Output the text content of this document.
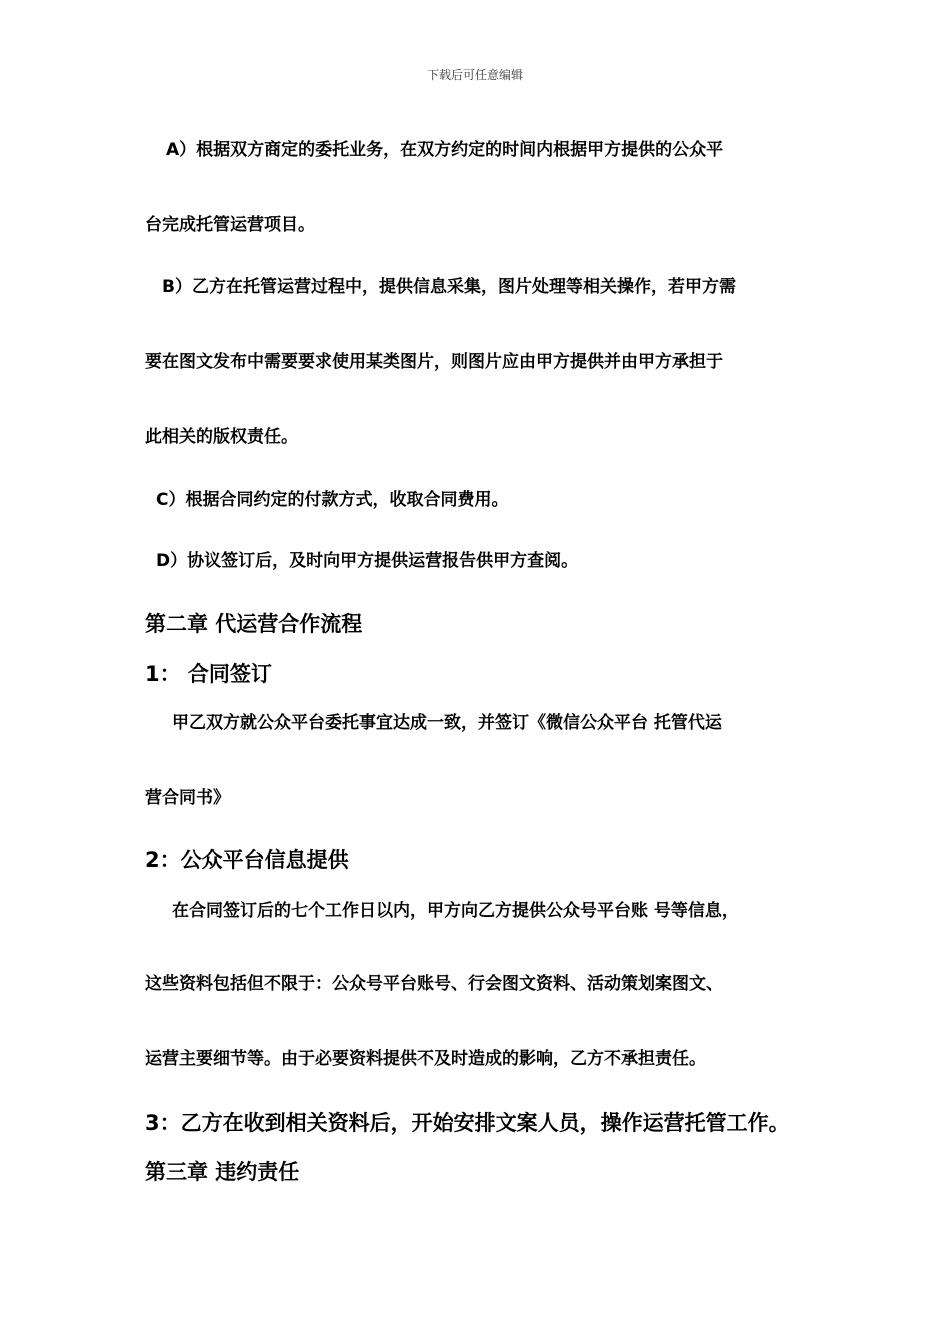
下载后可任意编辑
A）根据双方商定的委托业务，在双方约定的时间内根据甲方提供的公众平
台完成托管运营项目。
B）乙方在托管运营过程中，提供信息采集，图片处理等相关操作，若甲方需
要在图文发布中需要要求使用某类图片，则图片应由甲方提供并由甲方承担于
此相关的版权责任。
C）根据合同约定的付款方式，收取合同费用。
D）协议签订后，及时向甲方提供运营报告供甲方查阅。
第二章 代运营合作流程
1： 合同签订
甲乙双方就公众平台委托事宜达成一致，并签订《微信公众平台 托管代运
营合同书》
2：公众平台信息提供
在合同签订后的七个工作日以内，甲方向乙方提供公众号平台账 号等信息，
这些资料包括但不限于：公众号平台账号、行会图文资料、活动策划案图文、
运营主要细节等。由于必要资料提供不及时造成的影响，乙方不承担责任。
3：乙方在收到相关资料后，开始安排文案人员，操作运营托管工作。
第三章 违约责任
